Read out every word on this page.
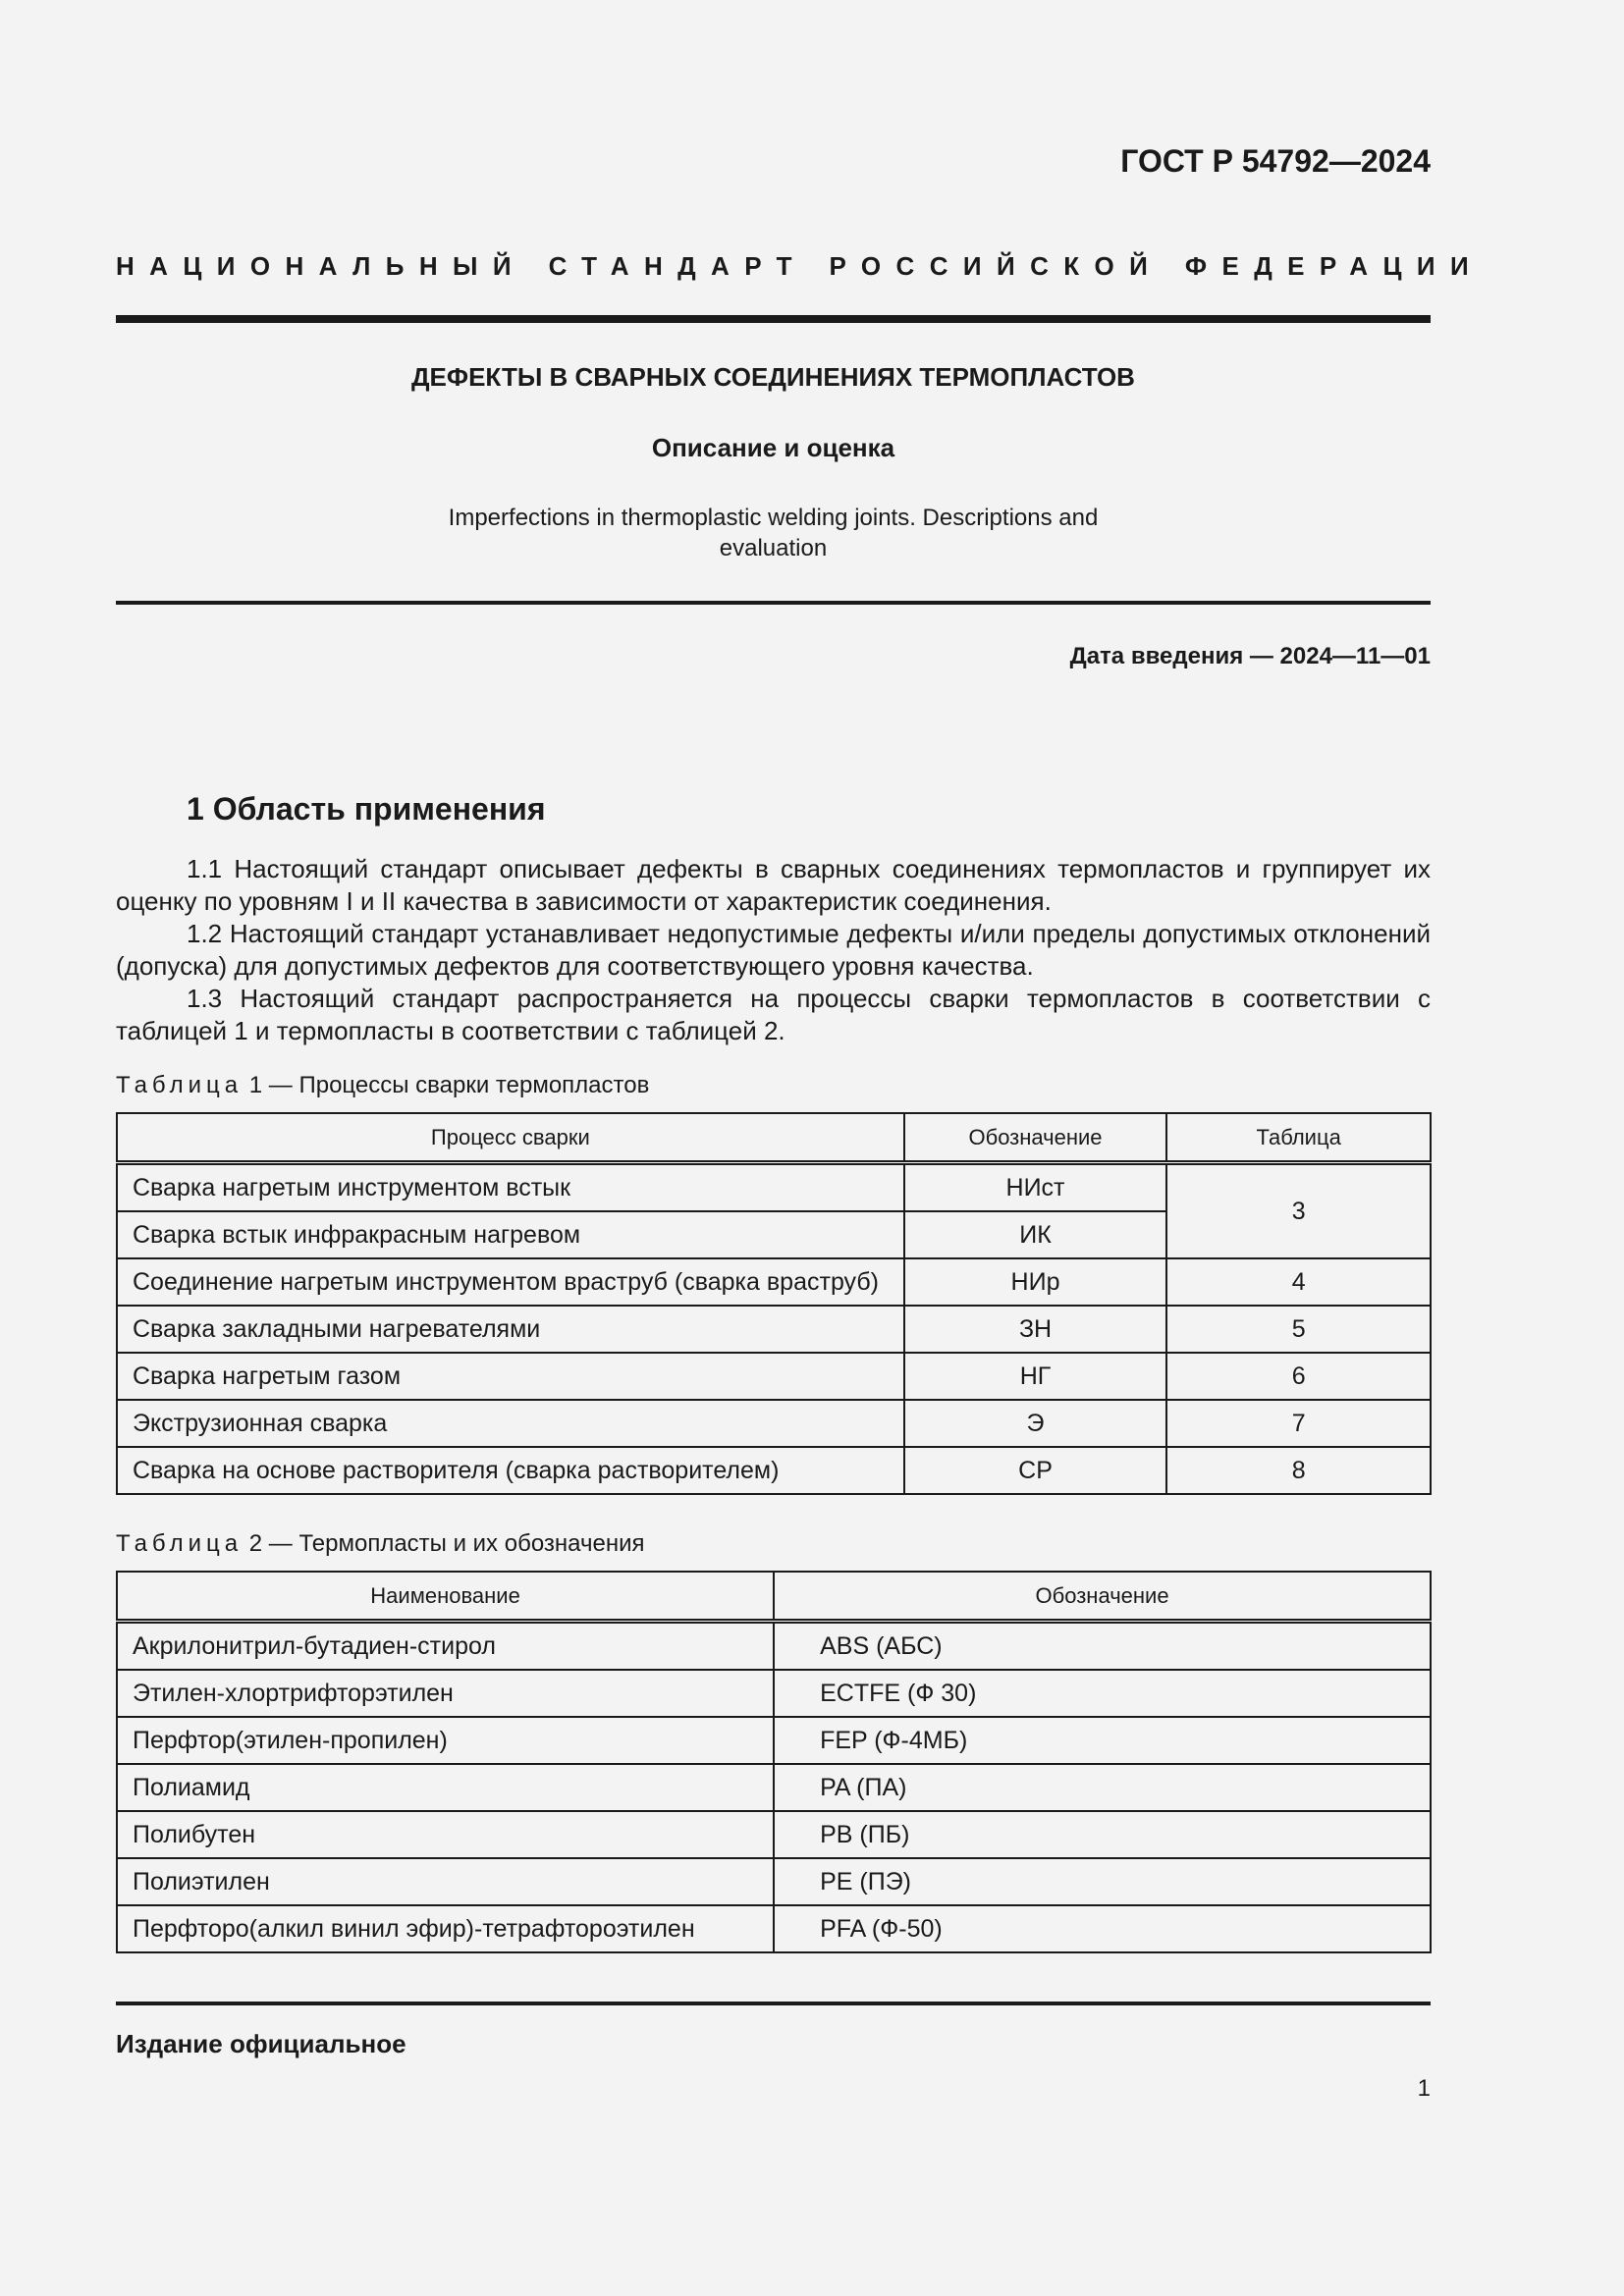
ГОСТ Р 54792—2024
НАЦИОНАЛЬНЫЙ СТАНДАРТ РОССИЙСКОЙ ФЕДЕРАЦИИ
ДЕФЕКТЫ В СВАРНЫХ СОЕДИНЕНИЯХ ТЕРМОПЛАСТОВ
Описание и оценка
Imperfections in thermoplastic welding joints. Descriptions and
evaluation
Дата введения — 2024—11—01
1 Область применения
1.1 Настоящий стандарт описывает дефекты в сварных соединениях термопластов и группирует их оценку по уровням I и II качества в зависимости от характеристик соединения.
1.2 Настоящий стандарт устанавливает недопустимые дефекты и/или пределы допустимых отклонений (допуска) для допустимых дефектов для соответствующего уровня качества.
1.3 Настоящий стандарт распространяется на процессы сварки термопластов в соответствии с таблицей 1 и термопласты в соответствии с таблицей 2.
Таблица 1 — Процессы сварки термопластов
Процесс сварки	Обозначение	Таблица
Сварка нагретым инструментом встык	НИст	3
Сварка встык инфракрасным нагревом	ИК	
Соединение нагретым инструментом враструб (сварка враструб)	НИр	4
Сварка закладными нагревателями	ЗН	5
Сварка нагретым газом	НГ	6
Экструзионная сварка	Э	7
Сварка на основе растворителя (сварка растворителем)	СР	8
Таблица 2 — Термопласты и их обозначения
Наименование	Обозначение
Акрилонитрил-бутадиен-стирол	ABS (АБС)
Этилен-хлортрифторэтилен	ECTFE (Ф 30)
Перфтор(этилен-пропилен)	FEP (Ф-4МБ)
Полиамид	PA (ПА)
Полибутен	PB (ПБ)
Полиэтилен	PE (ПЭ)
Перфторо(алкил винил эфир)-тетрафтороэтилен	PFA (Ф-50)
Издание официальное
1
